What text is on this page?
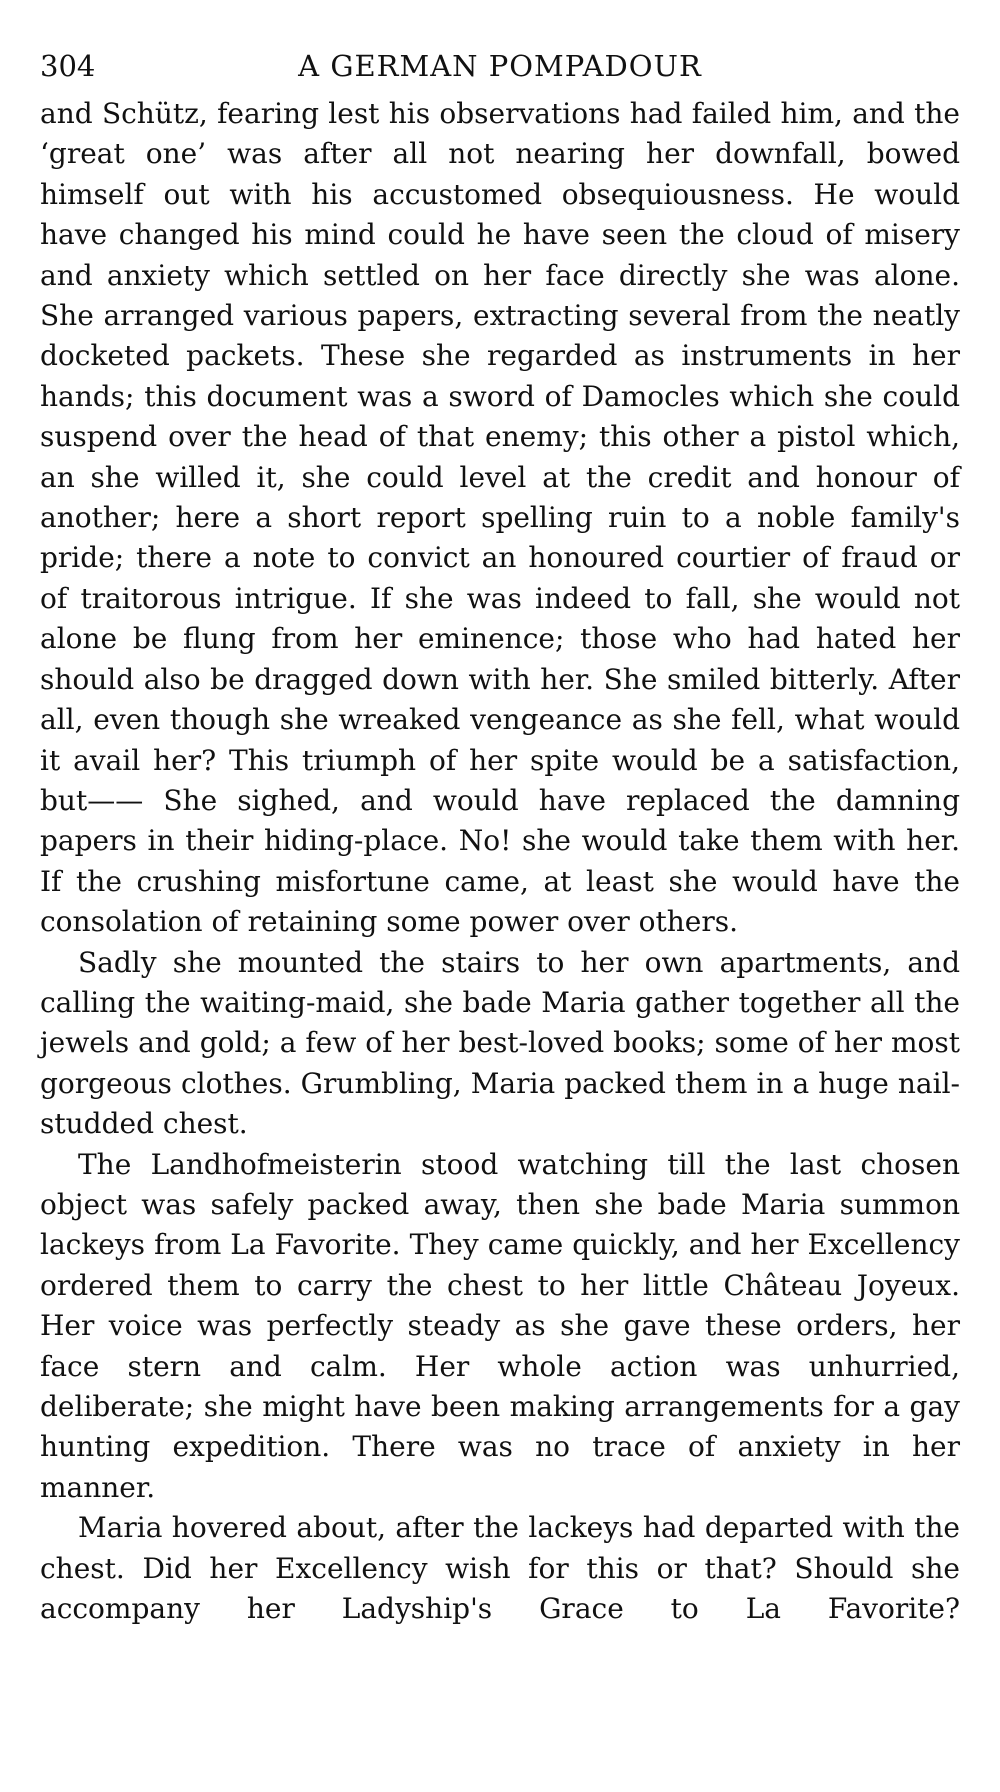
304	A GERMAN POMPADOUR

and Schütz, fearing lest his observations had failed him, and the ‘great one’ was after all not nearing her downfall, bowed himself out with his accustomed obsequiousness. He would have changed his mind could he have seen the cloud of misery and anxiety which settled on her face directly she was alone. She arranged various papers, extracting several from the neatly docketed packets. These she regarded as instruments in her hands; this document was a sword of Damocles which she could suspend over the head of that enemy; this other a pistol which, an she willed it, she could level at the credit and honour of another; here a short report spelling ruin to a noble family's pride; there a note to convict an honoured courtier of fraud or of traitorous intrigue. If she was indeed to fall, she would not alone be flung from her eminence; those who had hated her should also be dragged down with her. She smiled bitterly. After all, even though she wreaked vengeance as she fell, what would it avail her? This triumph of her spite would be a satisfaction, but—— She sighed, and would have replaced the damning papers in their hiding-place. No! she would take them with her. If the crushing misfortune came, at least she would have the consolation of retaining some power over others.

Sadly she mounted the stairs to her own apartments, and calling the waiting-maid, she bade Maria gather together all the jewels and gold; a few of her best-loved books; some of her most gorgeous clothes. Grumbling, Maria packed them in a huge nail-studded chest.

The Landhofmeisterin stood watching till the last chosen object was safely packed away, then she bade Maria summon lackeys from La Favorite. They came quickly, and her Excellency ordered them to carry the chest to her little Château Joyeux. Her voice was perfectly steady as she gave these orders, her face stern and calm. Her whole action was unhurried, deliberate; she might have been making arrangements for a gay hunting expedition. There was no trace of anxiety in her manner.

Maria hovered about, after the lackeys had departed with the chest. Did her Excellency wish for this or that? Should she accompany her Ladyship's Grace to La Favorite?
